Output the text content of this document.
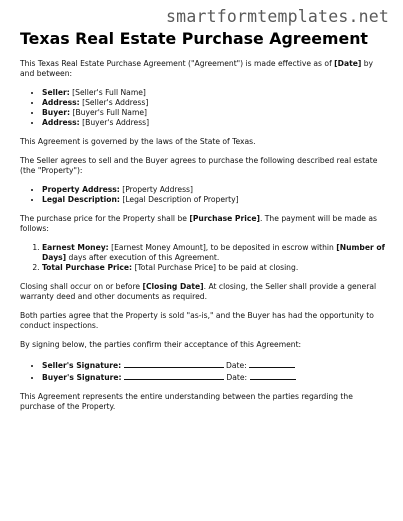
smartformtemplates.net
Texas Real Estate Purchase Agreement

This Texas Real Estate Purchase Agreement ("Agreement") is made effective as of [Date] by and between:

• Seller: [Seller's Full Name]
• Address: [Seller's Address]
• Buyer: [Buyer's Full Name]
• Address: [Buyer's Address]

This Agreement is governed by the laws of the State of Texas.

The Seller agrees to sell and the Buyer agrees to purchase the following described real estate (the "Property"):

• Property Address: [Property Address]
• Legal Description: [Legal Description of Property]

The purchase price for the Property shall be [Purchase Price]. The payment will be made as follows:

1. Earnest Money: [Earnest Money Amount], to be deposited in escrow within [Number of Days] days after execution of this Agreement.
2. Total Purchase Price: [Total Purchase Price] to be paid at closing.

Closing shall occur on or before [Closing Date]. At closing, the Seller shall provide a general warranty deed and other documents as required.

Both parties agree that the Property is sold "as-is," and the Buyer has had the opportunity to conduct inspections.

By signing below, the parties confirm their acceptance of this Agreement:

• Seller's Signature:	Date:
• Buyer's Signature:	Date:

This Agreement represents the entire understanding between the parties regarding the purchase of the Property.
